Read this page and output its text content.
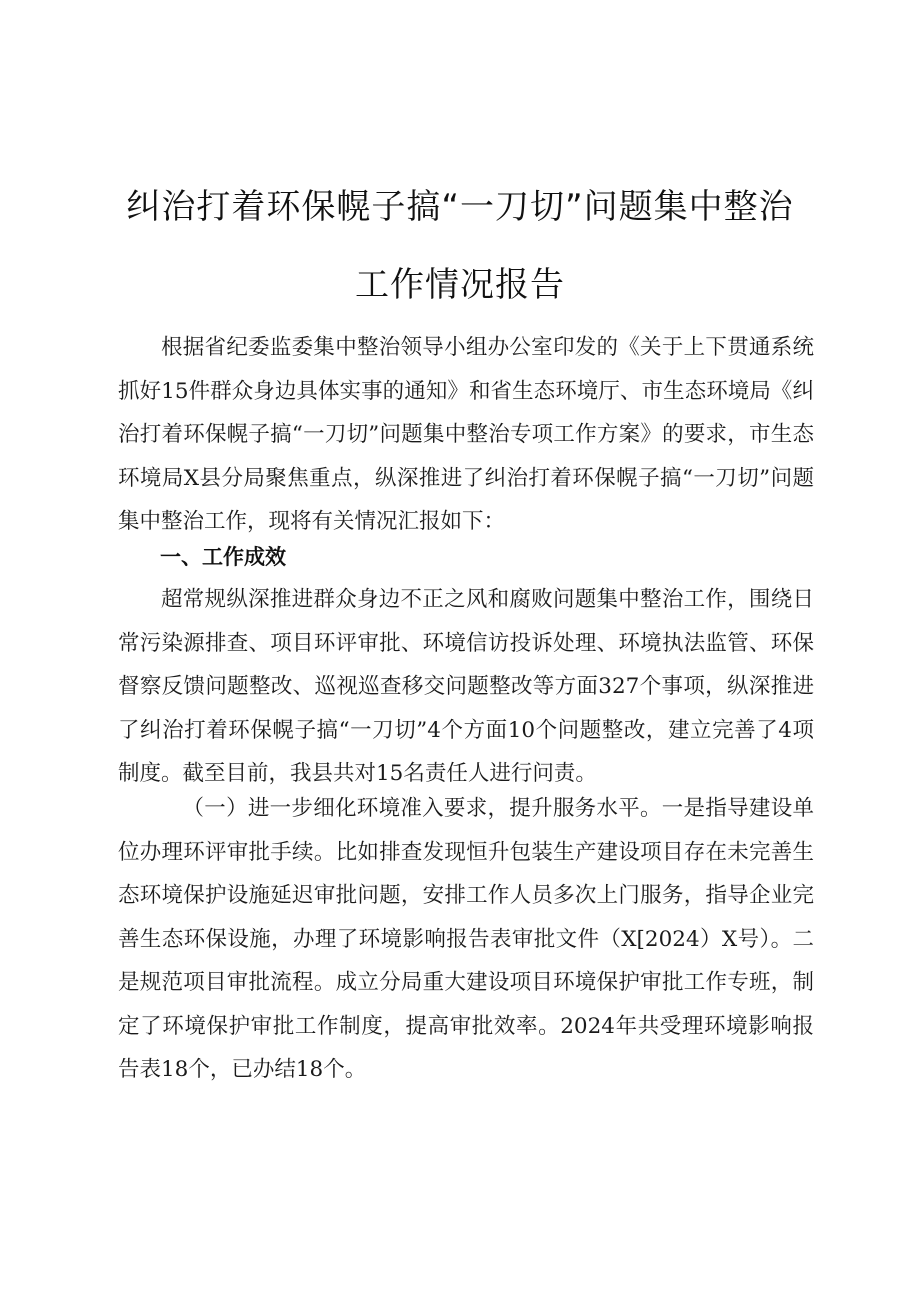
纠治打着环保幌子搞“一刀切”问题集中整治
工作情况报告

根据省纪委监委集中整治领导小组办公室印发的《关于上下贯通系统抓好15件群众身边具体实事的通知》和省生态环境厅、市生态环境局《纠治打着环保幌子搞“一刀切”问题集中整治专项工作方案》的要求，市生态环境局X县分局聚焦重点，纵深推进了纠治打着环保幌子搞“一刀切”问题集中整治工作，现将有关情况汇报如下：

一、工作成效

超常规纵深推进群众身边不正之风和腐败问题集中整治工作，围绕日常污染源排查、项目环评审批、环境信访投诉处理、环境执法监管、环保督察反馈问题整改、巡视巡查移交问题整改等方面327个事项，纵深推进了纠治打着环保幌子搞“一刀切”4个方面10个问题整改，建立完善了4项制度。截至目前，我县共对15名责任人进行问责。

（一）进一步细化环境准入要求，提升服务水平。一是指导建设单位办理环评审批手续。比如排查发现恒升包装生产建设项目存在未完善生态环境保护设施延迟审批问题，安排工作人员多次上门服务，指导企业完善生态环保设施，办理了环境影响报告表审批文件（X[2024）X号）。二是规范项目审批流程。成立分局重大建设项目环境保护审批工作专班，制定了环境保护审批工作制度，提高审批效率。2024年共受理环境影响报告表18个，已办结18个。
